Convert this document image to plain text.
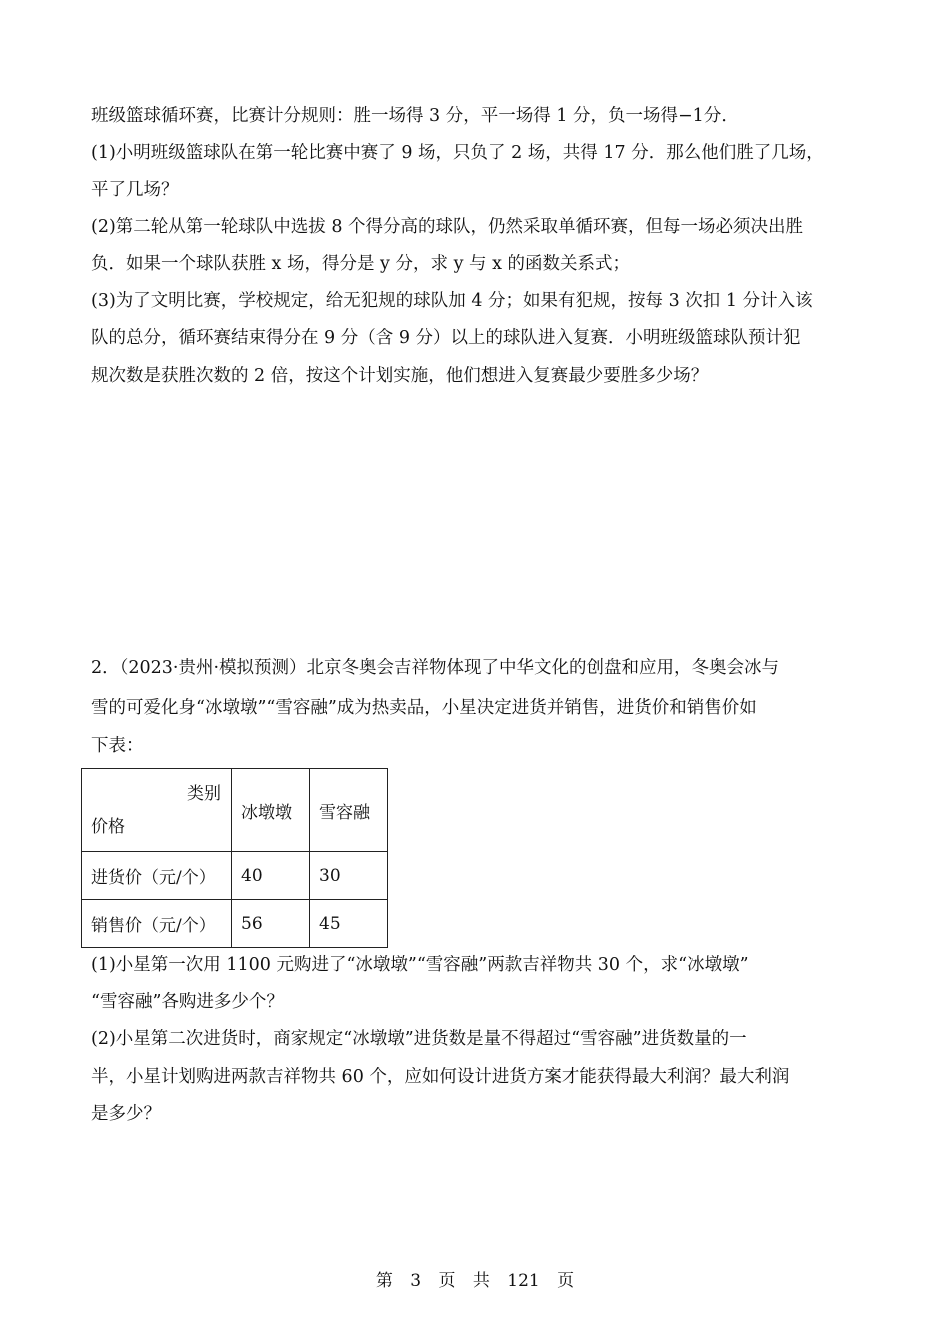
班级篮球循环赛，比赛计分规则：胜一场得 3 分，平一场得 1 分，负一场得−1分．
(1)小明班级篮球队在第一轮比赛中赛了 9 场，只负了 2 场，共得 17 分．那么他们胜了几场，
平了几场？
(2)第二轮从第一轮球队中选拔 8 个得分高的球队，仍然采取单循环赛，但每一场必须决出胜
负．如果一个球队获胜 x 场，得分是 y 分，求 y 与 x 的函数关系式；
(3)为了文明比赛，学校规定，给无犯规的球队加 4 分；如果有犯规，按每 3 次扣 1 分计入该
队的总分，循环赛结束得分在 9 分（含 9 分）以上的球队进入复赛．小明班级篮球队预计犯
规次数是获胜次数的 2 倍，按这个计划实施，他们想进入复赛最少要胜多少场？
2．（2023·贵州·模拟预测）北京冬奥会吉祥物体现了中华文化的创盘和应用，冬奥会冰与
雪的可爱化身“冰墩墩”“雪容融”成为热卖品，小星决定进货并销售，进货价和销售价如
下表：
类别
价格	冰墩墩	雪容融
进货价（元/个）	40	30
销售价（元/个）	56	45
(1)小星第一次用 1100 元购进了“冰墩墩”“雪容融”两款吉祥物共 30 个，求“冰墩墩”
“雪容融”各购进多少个？
(2)小星第二次进货时，商家规定“冰墩墩”进货数是量不得超过“雪容融”进货数量的一
半，小星计划购进两款吉祥物共 60 个，应如何设计进货方案才能获得最大利润？最大利润
是多少？
第 3 页 共 121 页
